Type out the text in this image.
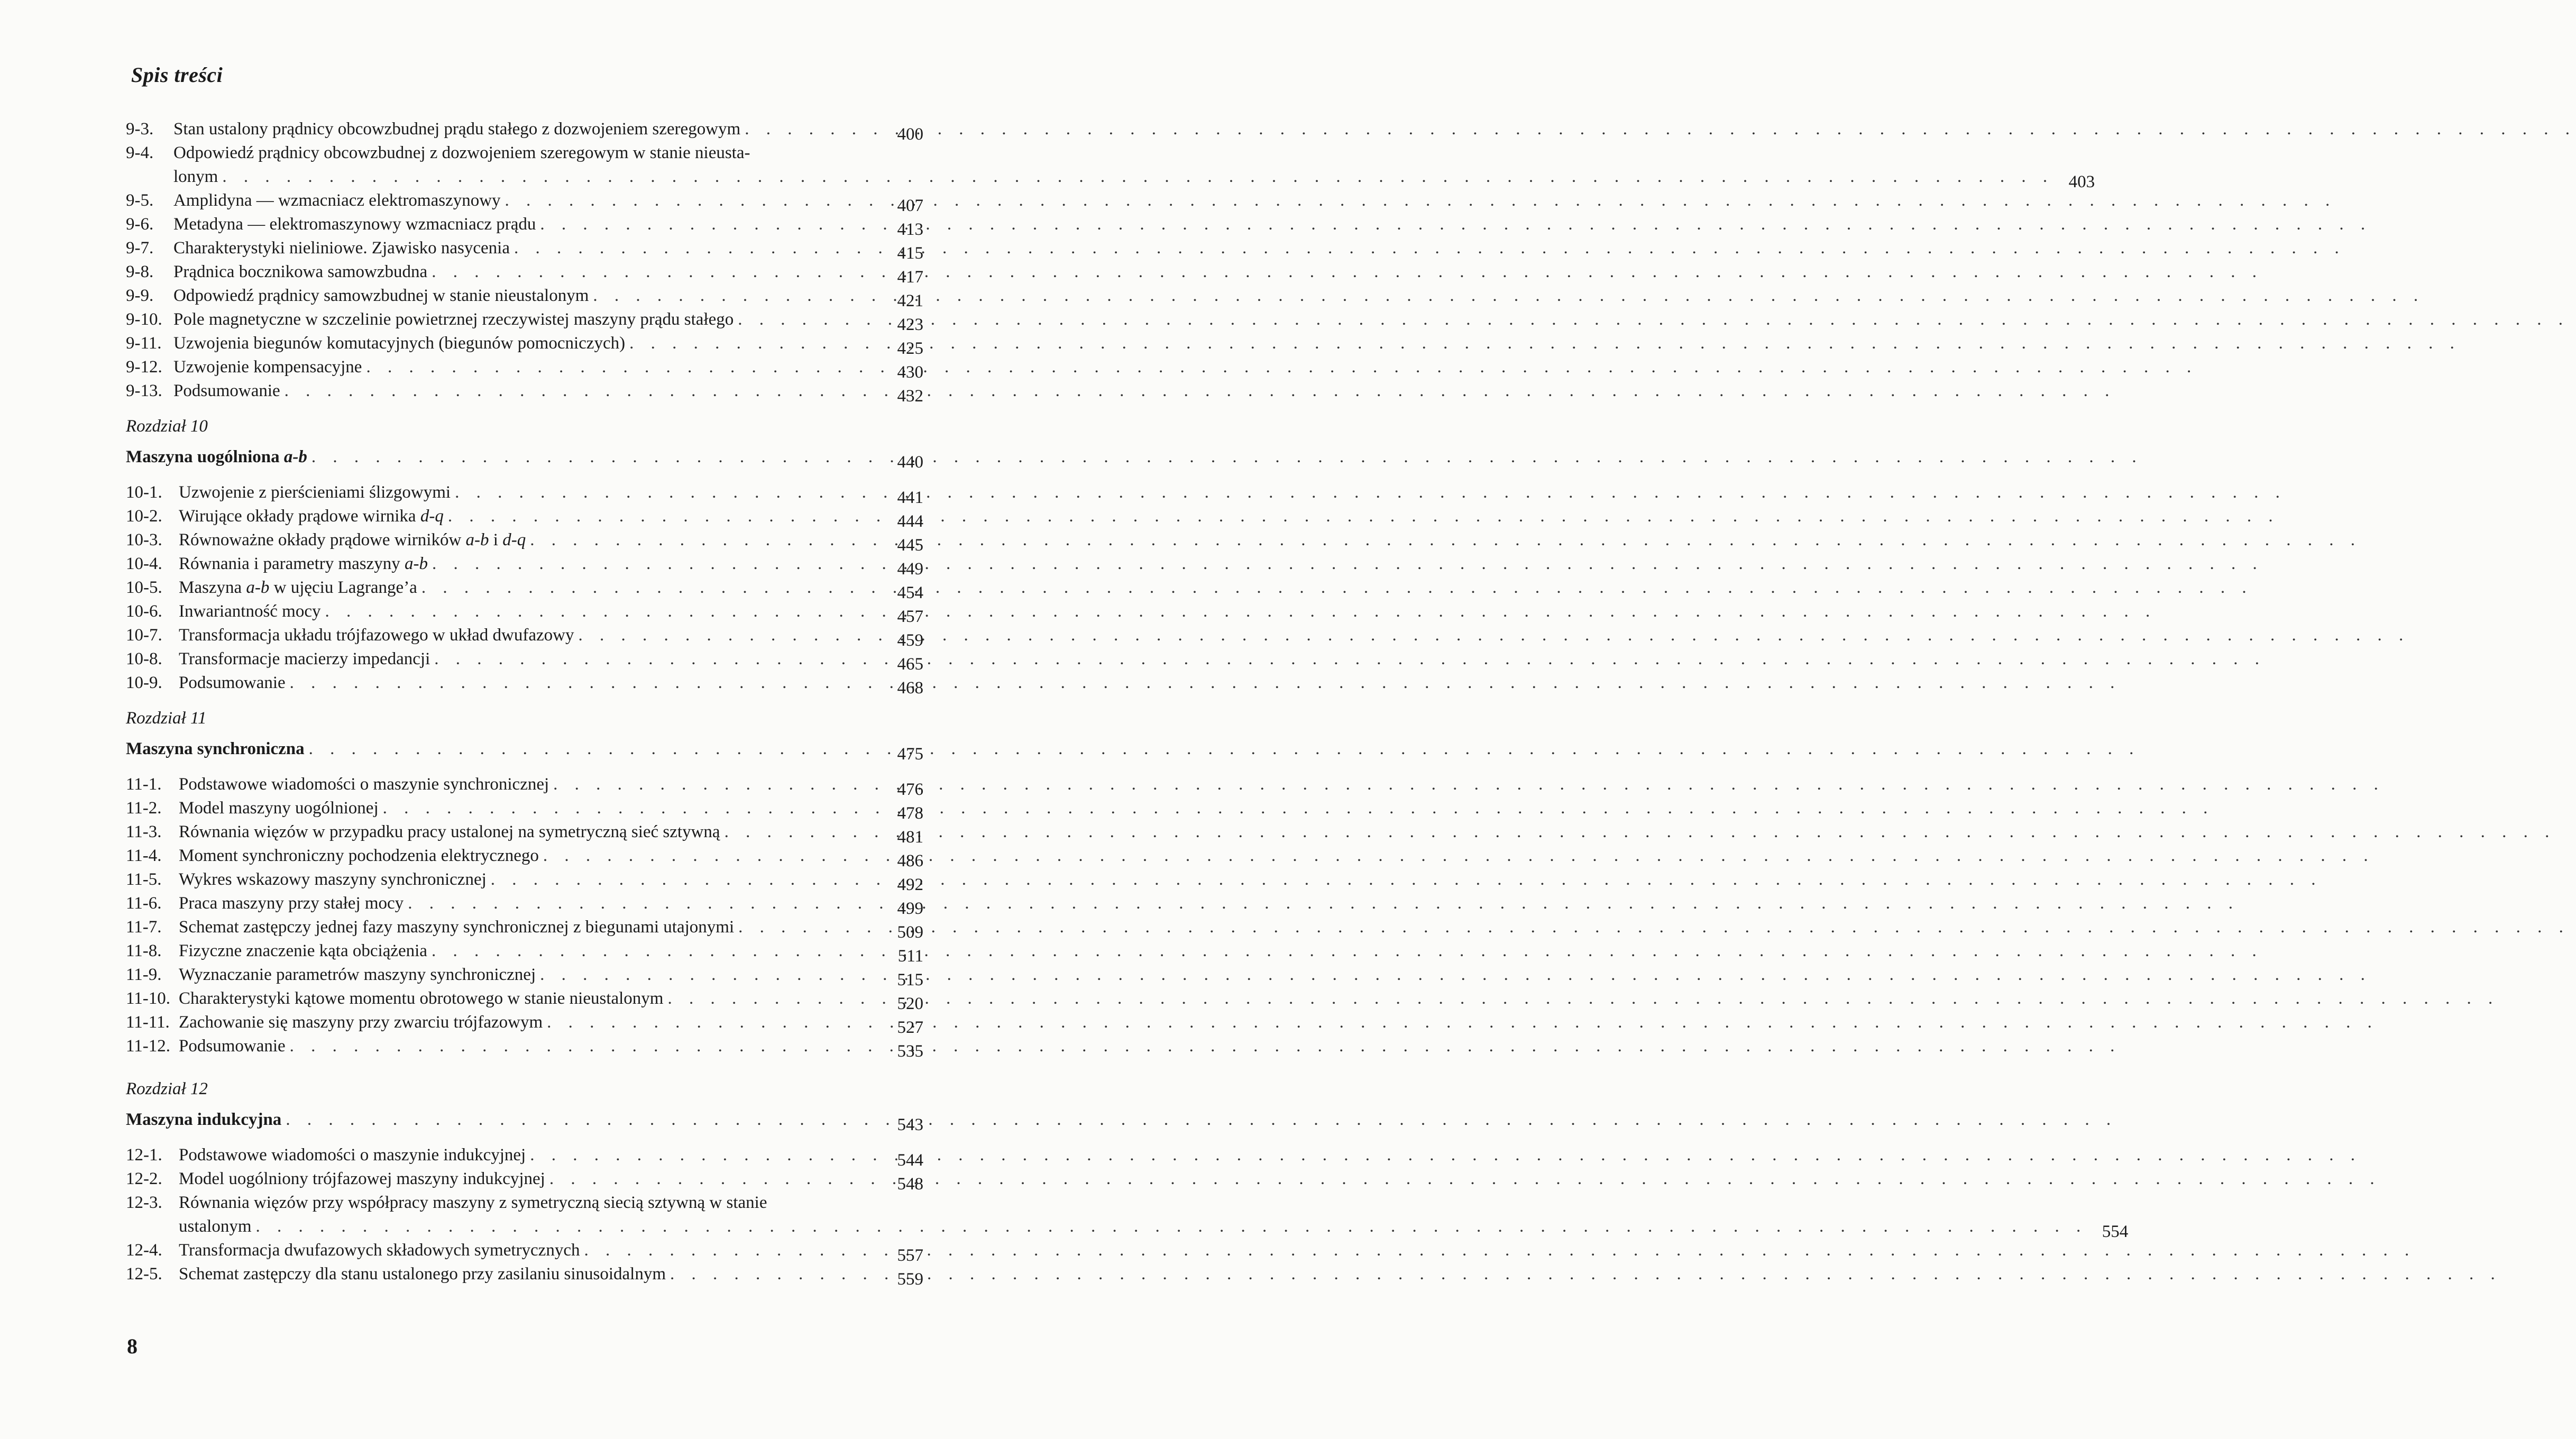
Spis treści
9-3.	Stan ustalony prądnicy obcowzbudnej prądu stałego z dozwojeniem szeregowym . . .	400
9-4.	Odpowiedź prądnicy obcowzbudnej z dozwojeniem szeregowym w stanie nieusta-
lonym . . .	403
9-5.	Amplidyna — wzmacniacz elektromaszynowy . . .	407
9-6.	Metadyna — elektromaszynowy wzmacniacz prądu . . .	413
9-7.	Charakterystyki nieliniowe. Zjawisko nasycenia . . .	415
9-8.	Prądnica bocznikowa samowzbudna . . .	417
9-9.	Odpowiedź prądnicy samowzbudnej w stanie nieustalonym . . .	421
9-10. Pole magnetyczne w szczelinie powietrznej rzeczywistej maszyny prądu stałego . . .	423
9-11. Uzwojenia biegunów komutacyjnych (biegunów pomocniczych) . . .	425
9-12. Uzwojenie kompensacyjne . . .	430
9-13. Podsumowanie . . .	432
Rozdział 10
Maszyna uogólniona a-b . . .	440
10-1. Uzwojenie z pierścieniami ślizgowymi . . .	441
10-2. Wirujące okłady prądowe wirnika d-q . . .	444
10-3. Równoważne okłady prądowe wirników a-b i d-q . . .	445
10-4. Równania i parametry maszyny a-b . . .	449
10-5. Maszyna a-b w ujęciu Lagrange’a . . .	454
10-6. Inwariantność mocy . . .	457
10-7. Transformacja układu trójfazowego w układ dwufazowy . . .	459
10-8. Transformacje macierzy impedancji . . .	465
10-9. Podsumowanie . . .	468
Rozdział 11
Maszyna synchroniczna . . .	475
11-1. Podstawowe wiadomości o maszynie synchronicznej . . .	476
11-2. Model maszyny uogólnionej . . .	478
11-3. Równania więzów w przypadku pracy ustalonej na symetryczną sieć sztywną . . .	481
11-4. Moment synchroniczny pochodzenia elektrycznego . . .	486
11-5. Wykres wskazowy maszyny synchronicznej . . .	492
11-6. Praca maszyny przy stałej mocy . . .	499
11-7. Schemat zastępczy jednej fazy maszyny synchronicznej z biegunami utajonymi . . .	509
11-8. Fizyczne znaczenie kąta obciążenia . . .	511
11-9. Wyznaczanie parametrów maszyny synchronicznej . . .	515
11-10. Charakterystyki kątowe momentu obrotowego w stanie nieustalonym . . .	520
11-11. Zachowanie się maszyny przy zwarciu trójfazowym . . .	527
11-12. Podsumowanie . . .	535
Rozdział 12
Maszyna indukcyjna . . .	543
12-1. Podstawowe wiadomości o maszynie indukcyjnej . . .	544
12-2. Model uogólniony trójfazowej maszyny indukcyjnej . . .	548
12-3. Równania więzów przy współpracy maszyny z symetryczną siecią sztywną w stanie
ustalonym . . .	554
12-4. Transformacja dwufazowych składowych symetrycznych . . .	557
12-5. Schemat zastępczy dla stanu ustalonego przy zasilaniu sinusoidalnym . . .	559
8
